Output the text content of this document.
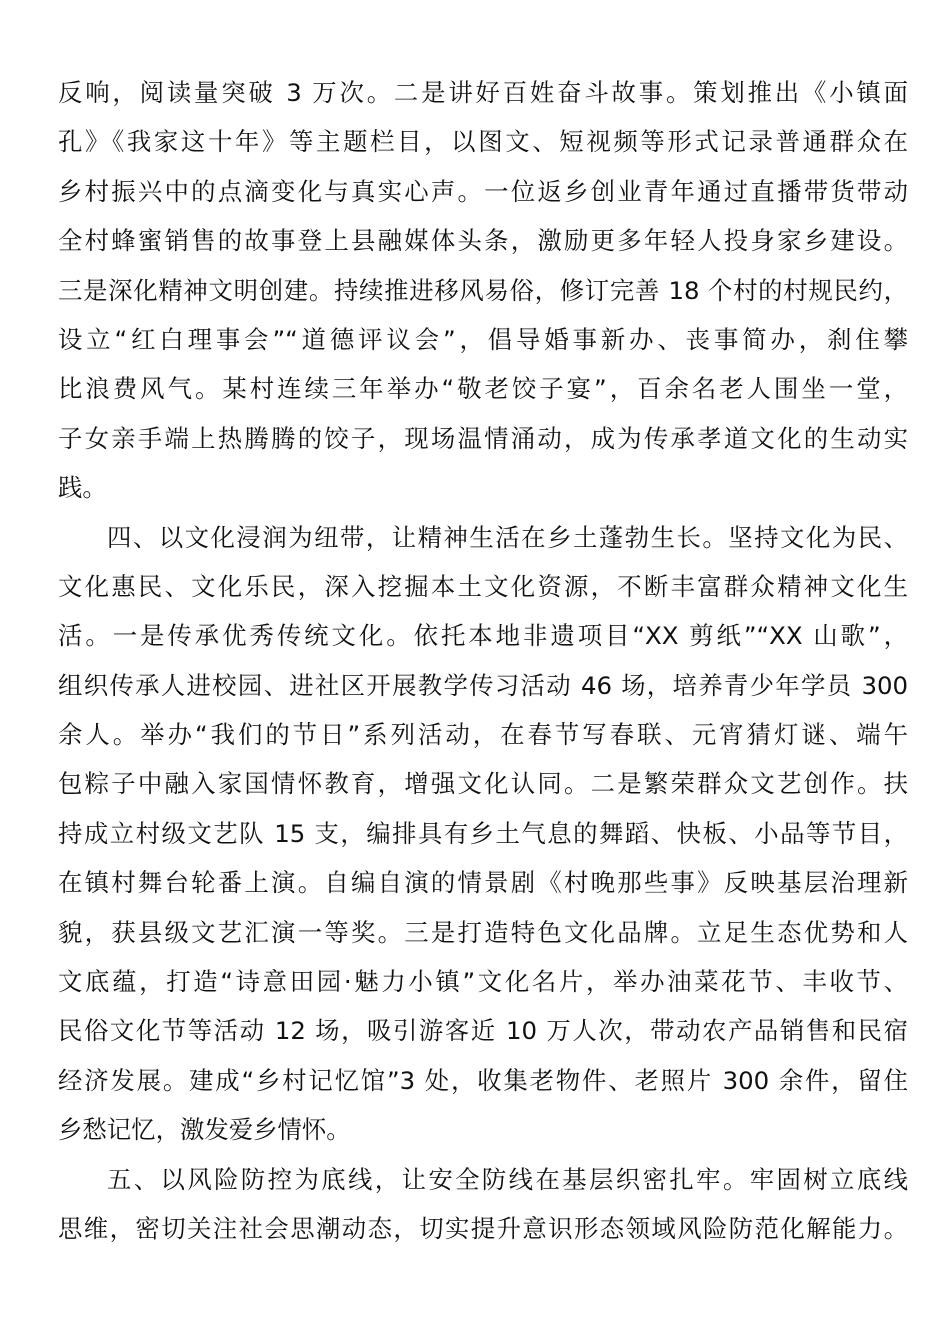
反响，阅读量突破 3 万次。二是讲好百姓奋斗故事。策划推出《小镇面
孔》《我家这十年》等主题栏目，以图文、短视频等形式记录普通群众在
乡村振兴中的点滴变化与真实心声。一位返乡创业青年通过直播带货带动
全村蜂蜜销售的故事登上县融媒体头条，激励更多年轻人投身家乡建设。
三是深化精神文明创建。持续推进移风易俗，修订完善 18 个村的村规民约，
设立“红白理事会”“道德评议会”，倡导婚事新办、丧事简办，刹住攀
比浪费风气。某村连续三年举办“敬老饺子宴”，百余名老人围坐一堂，
子女亲手端上热腾腾的饺子，现场温情涌动，成为传承孝道文化的生动实
践。
四、以文化浸润为纽带，让精神生活在乡土蓬勃生长。坚持文化为民、
文化惠民、文化乐民，深入挖掘本土文化资源，不断丰富群众精神文化生
活。一是传承优秀传统文化。依托本地非遗项目“XX 剪纸”“XX 山歌”，
组织传承人进校园、进社区开展教学传习活动 46 场，培养青少年学员 300
余人。举办“我们的节日”系列活动，在春节写春联、元宵猜灯谜、端午
包粽子中融入家国情怀教育，增强文化认同。二是繁荣群众文艺创作。扶
持成立村级文艺队 15 支，编排具有乡土气息的舞蹈、快板、小品等节目，
在镇村舞台轮番上演。自编自演的情景剧《村晚那些事》反映基层治理新
貌，获县级文艺汇演一等奖。三是打造特色文化品牌。立足生态优势和人
文底蕴，打造“诗意田园·魅力小镇”文化名片，举办油菜花节、丰收节、
民俗文化节等活动 12 场，吸引游客近 10 万人次，带动农产品销售和民宿
经济发展。建成“乡村记忆馆”3 处，收集老物件、老照片 300 余件，留住
乡愁记忆，激发爱乡情怀。
五、以风险防控为底线，让安全防线在基层织密扎牢。牢固树立底线
思维，密切关注社会思潮动态，切实提升意识形态领域风险防范化解能力。
